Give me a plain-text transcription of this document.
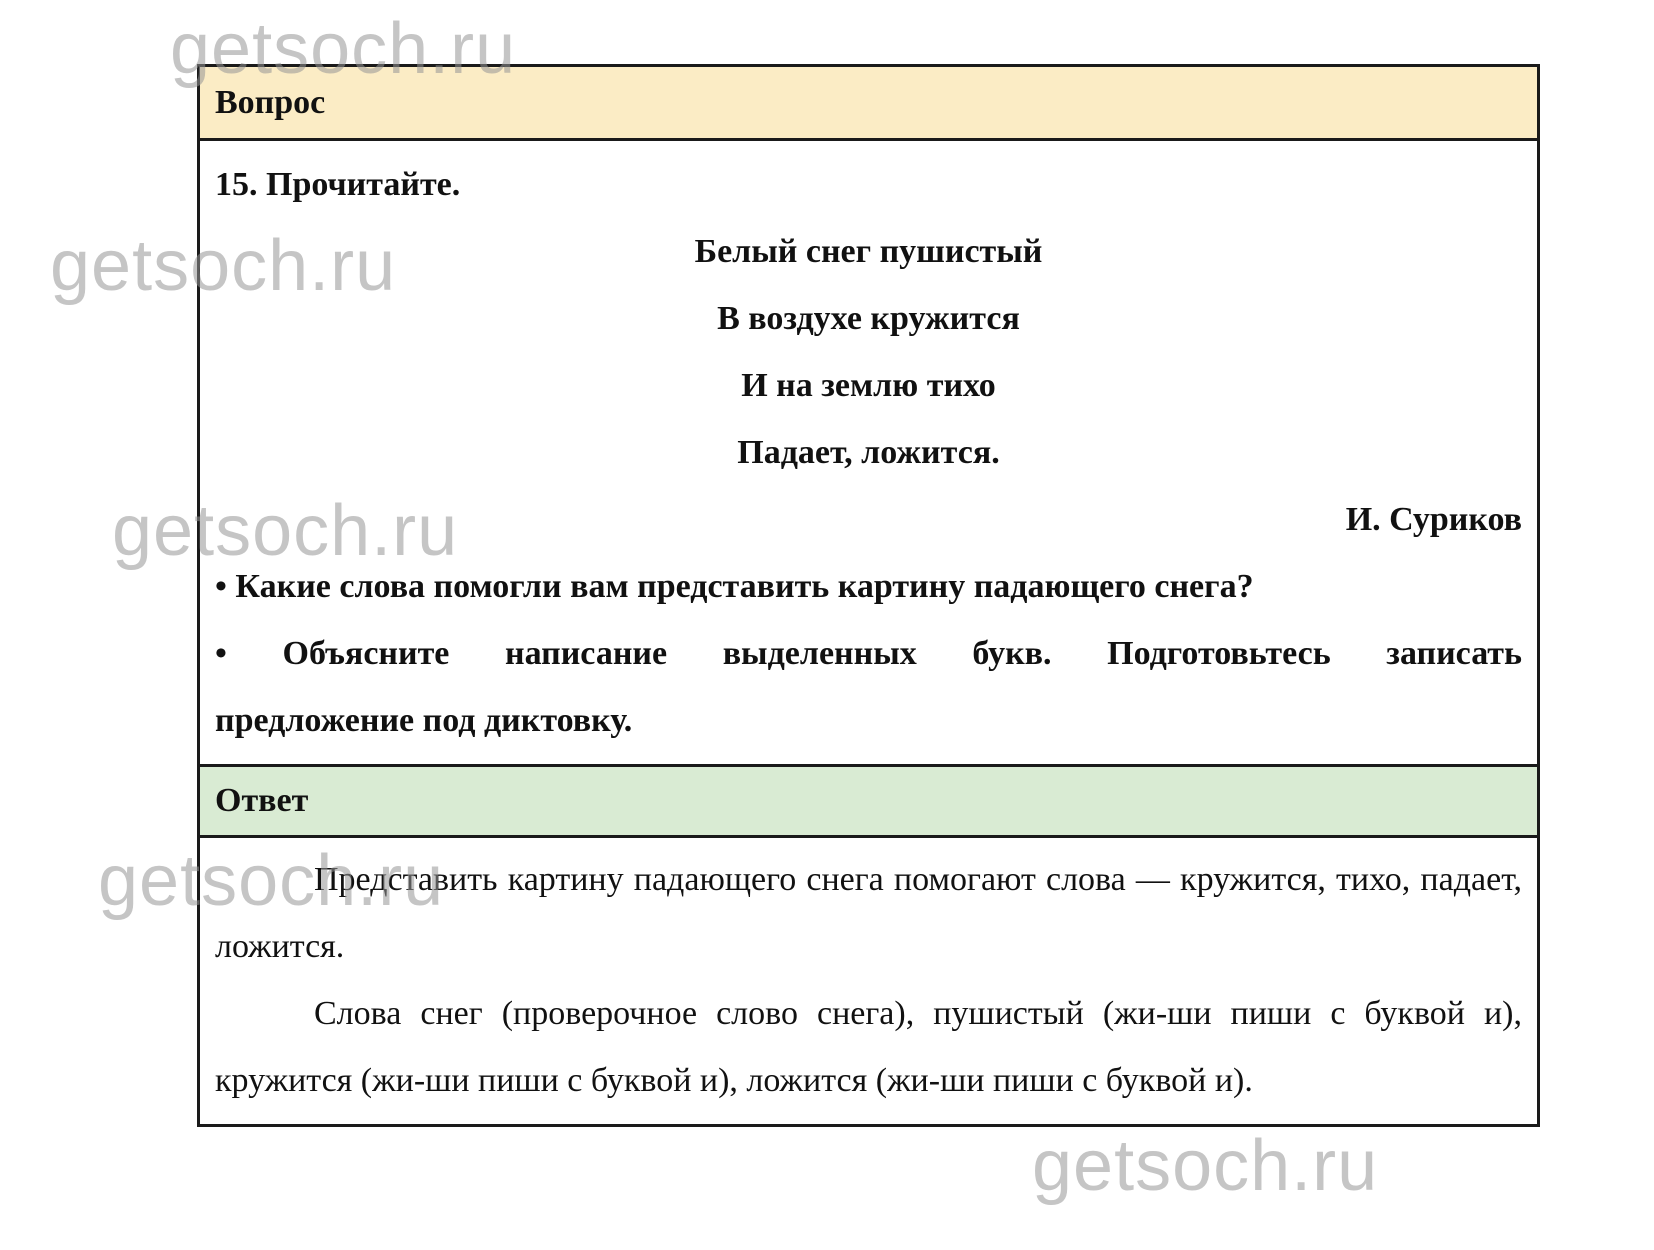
Вопрос
15. Прочитайте.
Белый снег пушистый
В воздухе кружится
И на землю тихо
Падает, ложится.
И. Суриков
• Какие слова помогли вам представить картину падающего снега?
• Объясните написание выделенных букв. Подготовьтесь записать
предложение под диктовку.
Ответ

Представить картину падающего снега помогают слова — кружится, тихо, падает, ложится.

Слова снег (проверочное слово снега), пушистый (жи-ши пиши с буквой и), кружится (жи-ши пиши с буквой и), ложится (жи-ши пиши с буквой и).

getsoch.ru
getsoch.ru
getsoch.ru
getsoch.ru
getsoch.ru
